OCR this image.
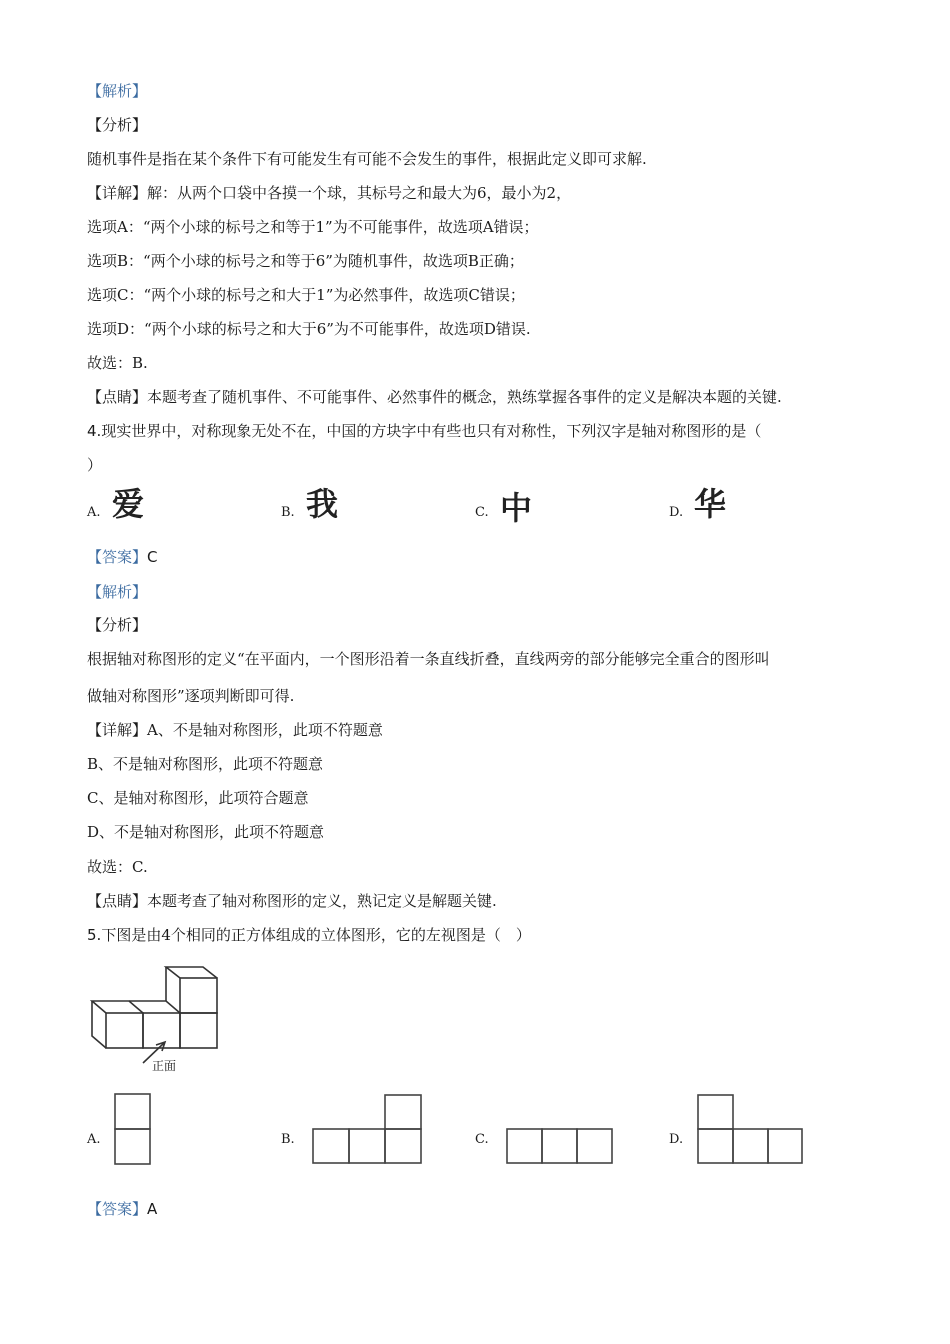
【解析】
【分析】
随机事件是指在某个条件下有可能发生有可能不会发生的事件，根据此定义即可求解.
【详解】解：从两个口袋中各摸一个球，其标号之和最大为6，最小为2，
选项A：“两个小球的标号之和等于1”为不可能事件，故选项A错误；
选项B：“两个小球的标号之和等于6”为随机事件，故选项B正确；
选项C：“两个小球的标号之和大于1”为必然事件，故选项C错误；
选项D：“两个小球的标号之和大于6”为不可能事件，故选项D错误.
故选：B.
【点睛】本题考查了随机事件、不可能事件、必然事件的概念，熟练掌握各事件的定义是解决本题的关键.
4.现实世界中，对称现象无处不在，中国的方块字中有些也只有对称性，下列汉字是轴对称图形的是（
）
A. 爱	B. 我	C. 中	D. 华
【答案】C
【解析】
【分析】
根据轴对称图形的定义“在平面内，一个图形沿着一条直线折叠，直线两旁的部分能够完全重合的图形叫
做轴对称图形”逐项判断即可得.
【详解】A、不是轴对称图形，此项不符题意
B、不是轴对称图形，此项不符题意
C、是轴对称图形，此项符合题意
D、不是轴对称图形，此项不符题意
故选：C.
【点睛】本题考查了轴对称图形的定义，熟记定义是解题关键.
5.下图是由4个相同的正方体组成的立体图形，它的左视图是（　）
正面
A.	B.	C.	D.
【答案】A
